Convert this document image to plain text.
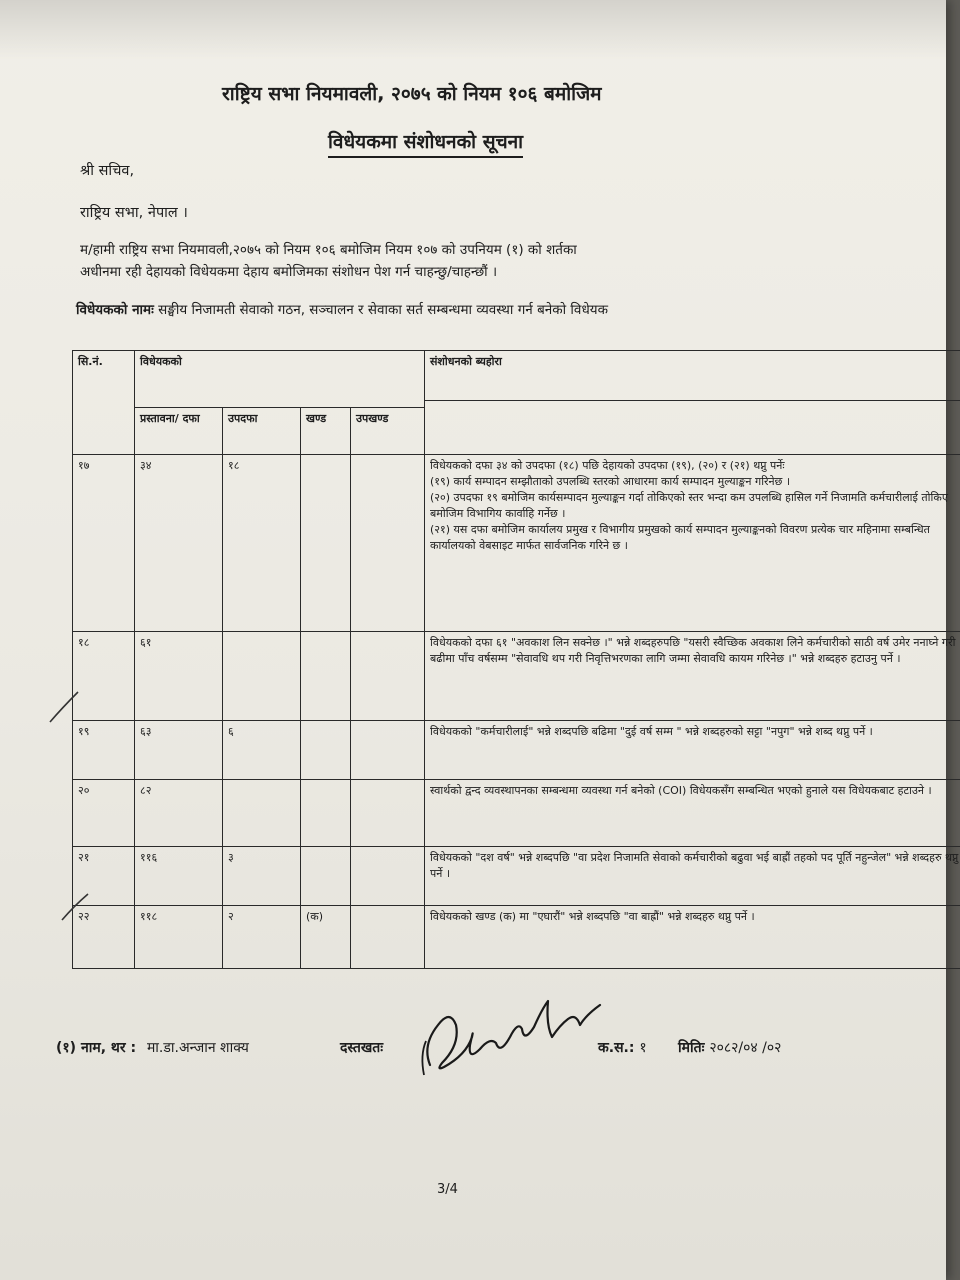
राष्ट्रिय सभा नियमावली, २०७५ को नियम १०६ बमोजिम
विधेयकमा संशोधनको सूचना
श्री सचिव,
राष्ट्रिय सभा, नेपाल ।
म/हामी राष्ट्रिय सभा नियमावली,२०७५ को नियम १०६ बमोजिम नियम १०७ को उपनियम (१) को शर्तका
अधीनमा रही देहायको विधेयकमा देहाय बमोजिमका संशोधन पेश गर्न चाहन्छु/चाहन्छौं ।
विधेयकको नामः सङ्घीय निजामती सेवाको गठन, सञ्चालन र सेवाका सर्त सम्बन्धमा व्यवस्था गर्न बनेको विधेयक
सि.नं.	विधेयकको				संशोधनको ब्यहोरा

	प्रस्तावना/ दफा	उपदफा	खण्ड	उपखण्ड	
१७	३४	१८			विधेयकको दफा ३४ को उपदफा (१८) पछि देहायको उपदफा (१९), (२०) र (२१) थप्नु पर्नेः
(१९) कार्य सम्पादन सम्झौताको उपलब्धि स्तरको आधारमा कार्य सम्पादन मुल्याङ्कन गरिनेछ ।
(२०) उपदफा १९ बमोजिम कार्यसम्पादन मुल्याङ्कन गर्दा तोकिएको स्तर भन्दा कम उपलब्धि हासिल गर्ने निजामति कर्मचारीलाई तोकिए बमोजिम विभागिय कार्वाहि गर्नेछ ।
(२१) यस दफा बमोजिम कार्यालय प्रमुख र विभागीय प्रमुखको कार्य सम्पादन मुल्याङ्कनको विवरण प्रत्येक चार महिनामा सम्बन्धित कार्यालयको वेबसाइट मार्फत सार्वजनिक गरिने छ ।
१८	६१				विधेयकको दफा ६१ "अवकाश लिन सक्नेछ ।" भन्ने शब्दहरुपछि "यसरी स्वैच्छिक अवकाश लिने कर्मचारीको साठी वर्ष उमेर ननाघ्ने गरी बढीमा पाँच वर्षसम्म "सेवावधि थप गरी निवृत्तिभरणका लागि जम्मा सेवावधि कायम गरिनेछ ।" भन्ने शब्दहरु हटाउनु पर्ने ।
१९	६३	६			विधेयकको "कर्मचारीलाई" भन्ने शब्दपछि बढिमा "दुई वर्ष सम्म " भन्ने शब्दहरुको सट्टा "नपुग" भन्ने शब्द थप्नु पर्ने ।
२०	८२				स्वार्थको द्वन्द व्यवस्थापनका सम्बन्धमा व्यवस्था गर्न बनेको (COI) विधेयकसँग सम्बन्धित भएको हुनाले यस विधेयकबाट हटाउने ।
२१	११६	३			विधेयकको "दश वर्ष" भन्ने शब्दपछि "वा प्रदेश निजामति सेवाको कर्मचारीको बढुवा भई बाह्रौं तहको पद पूर्ति नहुन्जेल" भन्ने शब्दहरु थप्नु पर्ने ।
२२	११८	२	(क)		विधेयकको खण्ड (क) मा "एघारौं" भन्ने शब्दपछि "वा बाह्रौं" भन्ने शब्दहरु थप्नु पर्ने ।
(१) नाम, थर : मा.डा.अन्जान शाक्य	दस्तखतः	क.स.: १ मितिः २०८२/०४ /०२
3/4
